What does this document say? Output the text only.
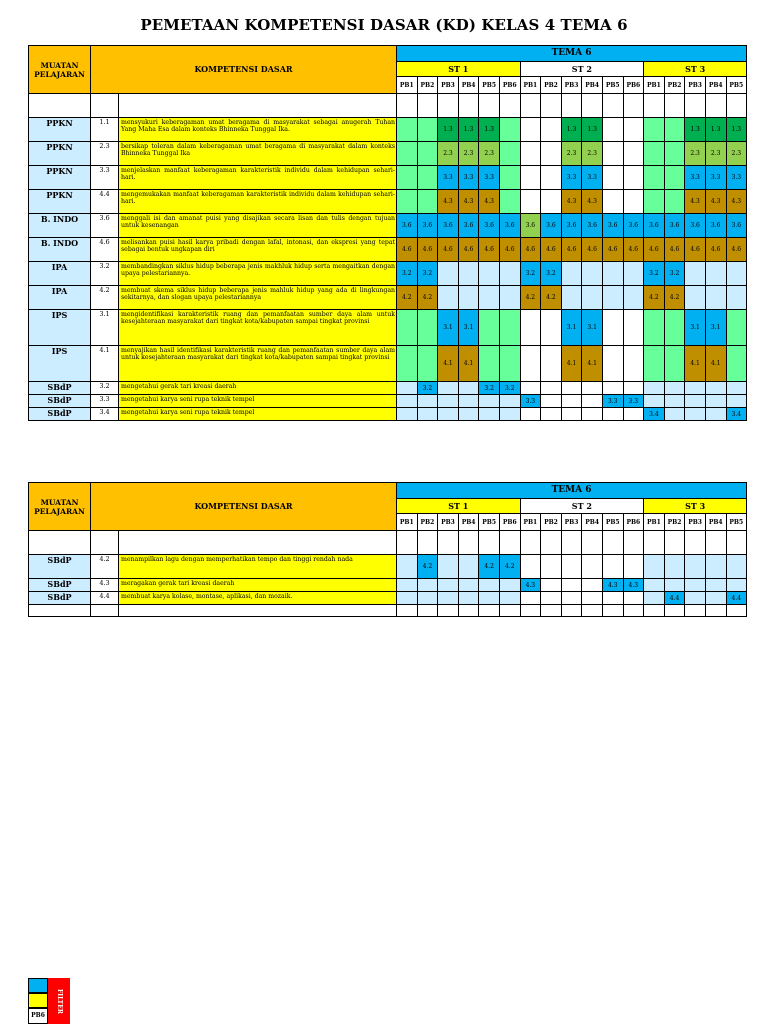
PEMETAAN KOMPETENSI DASAR (KD) KELAS 4 TEMA 6
MUATAN PELAJARAN	KOMPETENSI DASAR		TEMA 6																
			ST 1						ST 2						ST 3				
			PB1	PB2	PB3	PB4	PB5	PB6	PB1	PB2	PB3	PB4	PB5	PB6	PB1	PB2	PB3	PB4	PB5

PPKN	1.1	mensyukuri keberagaman umat beragama di masyarakat sebagai anugerah Tuhan Yang Maha Esa dalam konteks Bhinneka Tunggal Ika.			1.3	1.3	1.3				1.3	1.3					1.3	1.3	1.3
PPKN	2.3	bersikap toleran dalam keberagaman umat beragama di masyarakat dalam konteks Bhinneka Tunggal Ika			2.3	2.3	2.3				2.3	2.3					2.3	2.3	2.3
PPKN	3.3	menjelaskan manfaat keberagaman karakteristik individu dalam kehidupan sehari-hari.			3.3	3.3	3.3				3.3	3.3					3.3	3.3	3.3
PPKN	4.4	mengemukakan manfaat keberagaman karakteristik individu dalam kehidupan sehari-hari.			4.3	4.3	4.3				4.3	4.3					4.3	4.3	4.3
B. INDO	3.6	menggali isi dan amanat puisi yang disajikan secara lisan dan tulis dengan tujuan untuk kesenangan	3.6	3.6	3.6	3.6	3.6	3.6	3.6	3.6	3.6	3.6	3.6	3.6	3.6	3.6	3.6	3.6	3.6
B. INDO	4.6	melisankan puisi hasil karya pribadi dengan lafal, intonasi, dan ekspresi yang tepat sebagai bentuk ungkapan diri	4.6	4.6	4.6	4.6	4.6	4.6	4.6	4.6	4.6	4.6	4.6	4.6	4.6	4.6	4.6	4.6	4.6
IPA	3.2	membandingkan siklus hidup beberapa jenis makhluk hidup serta mengaitkan dengan upaya pelestariannya.	3.2	3.2					3.2	3.2					3.2	3.2			
IPA	4.2	membuat skema siklus hidup beberapa jenis mahluk hidup yang ada di lingkungan sekitarnya, dan slogan upaya pelestariannya	4.2	4.2					4.2	4.2					4.2	4.2			
IPS	3.1	mengidentifikasi karakteristik ruang dan pemanfaatan sumber daya alam untuk kesejahteraan masyarakat dari tingkat kota/kabupaten sampai tingkat provinsi			3.1	3.1					3.1	3.1					3.1	3.1	
IPS	4.1	menyajikan hasil identifikasi karakteristik ruang dan pemanfaatan sumber daya alam untuk kesejahteraan masyarakat dari tingkat kota/kabupaten sampai tingkat provinsi			4.1	4.1					4.1	4.1					4.1	4.1	
SBdP	3.2	mengetahui gerak tari kreasi daerah		3.2			3.2	3.2											
SBdP	3.3	mengetahui karya seni rupa teknik tempel							3.3				3.3	3.3					
SBdP	3.4	mengetahui karya seni rupa teknik tempel													3.4				3.4
MUATAN PELAJARAN	KOMPETENSI DASAR		TEMA 6																
			ST 1						ST 2						ST 3				
			PB1	PB2	PB3	PB4	PB5	PB6	PB1	PB2	PB3	PB4	PB5	PB6	PB1	PB2	PB3	PB4	PB5

SBdP	4.2	menampilkan lagu dengan memperhatikan tempo dan tinggi rendah nada		4.2			4.2	4.2											
SBdP	4.3	meragakan gerak tari kreasi daerah							4.3				4.3	4.3					
SBdP	4.4	membuat karya kolase, montase, aplikasi, dan mozaik.														4.4			4.4

PB6
FILTER
